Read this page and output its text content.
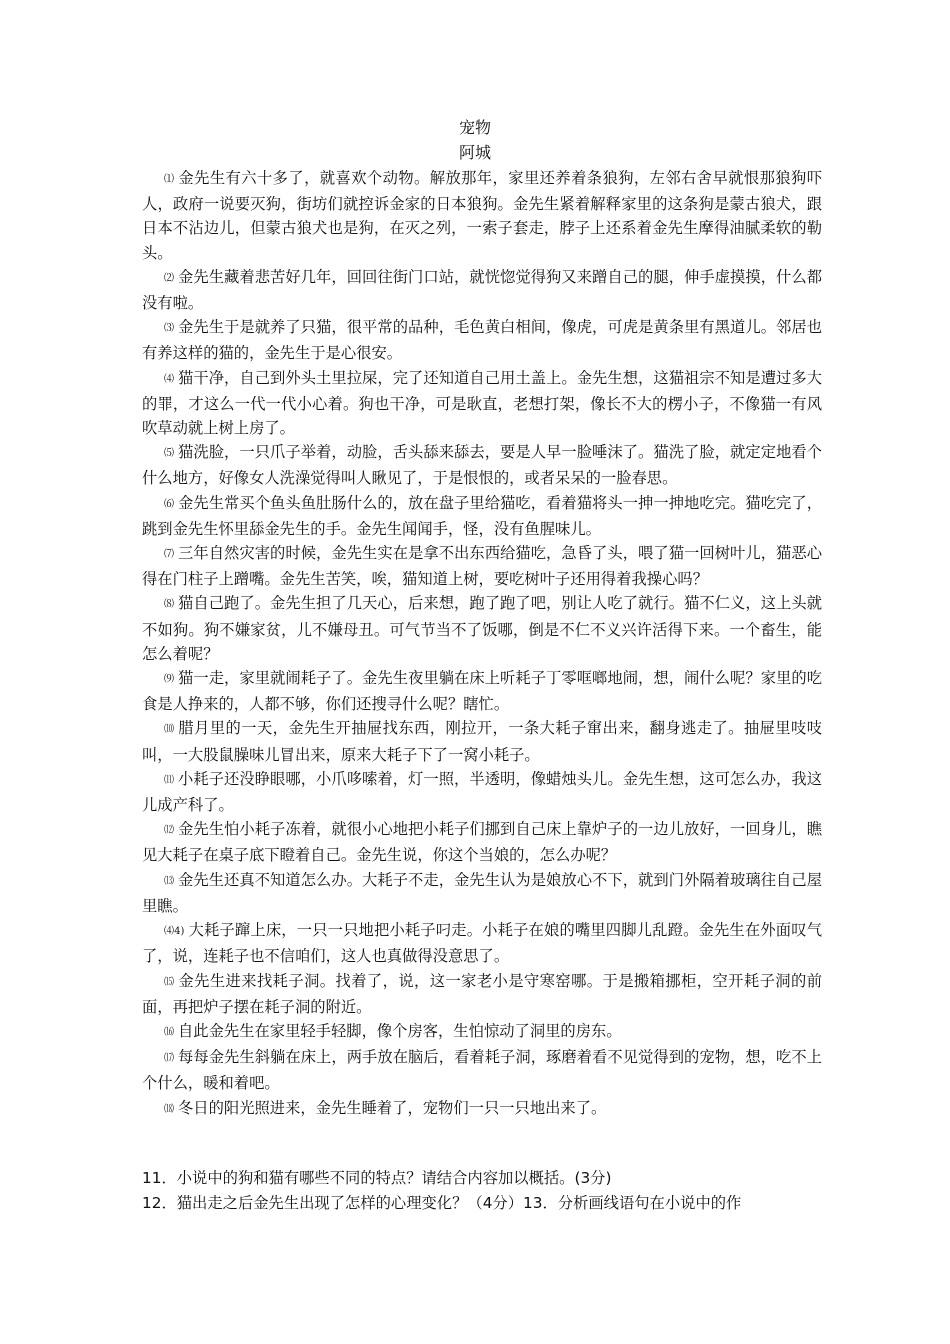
宠物
阿城

⑴ 金先生有六十多了，就喜欢个动物。解放那年，家里还养着条狼狗，左邻右舍早就恨那狼狗吓人，政府一说要灭狗，街坊们就控诉金家的日本狼狗。金先生紧着解释家里的这条狗是蒙古狼犬，跟日本不沾边儿，但蒙古狼犬也是狗，在灭之列，一索子套走，脖子上还系着金先生摩得油腻柔软的勒头。

⑵ 金先生藏着悲苦好几年，回回往街门口站，就恍惚觉得狗又来蹭自己的腿，伸手虚摸摸，什么都没有啦。

⑶ 金先生于是就养了只猫，很平常的品种，毛色黄白相间，像虎，可虎是黄条里有黑道儿。邻居也有养这样的猫的，金先生于是心很安。

⑷ 猫干净，自己到外头土里拉屎，完了还知道自己用土盖上。金先生想，这猫祖宗不知是遭过多大的罪，才这么一代一代小心着。狗也干净，可是耿直，老想打架，像长不大的楞小子，不像猫一有风吹草动就上树上房了。

⑸ 猫洗脸，一只爪子举着，动脸，舌头舔来舔去，要是人早一脸唾沫了。猫洗了脸，就定定地看个什么地方，好像女人洗澡觉得叫人瞅见了，于是恨恨的，或者呆呆的一脸春思。

⑹ 金先生常买个鱼头鱼肚肠什么的，放在盘子里给猫吃，看着猫将头一抻一抻地吃完。猫吃完了，跳到金先生怀里舔金先生的手。金先生闻闻手，怪，没有鱼腥味儿。

⑺ 三年自然灾害的时候，金先生实在是拿不出东西给猫吃，急昏了头，喂了猫一回树叶儿，猫恶心得在门柱子上蹭嘴。金先生苦笑，唉，猫知道上树，要吃树叶子还用得着我操心吗？

⑻ 猫自己跑了。金先生担了几天心，后来想，跑了跑了吧，别让人吃了就行。猫不仁义，这上头就不如狗。狗不嫌家贫，儿不嫌母丑。可气节当不了饭哪，倒是不仁不义兴许活得下来。一个畜生，能怎么着呢？

⑼ 猫一走，家里就闹耗子了。金先生夜里躺在床上听耗子丁零哐啷地闹，想，闹什么呢？家里的吃食是人挣来的，人都不够，你们还搜寻什么呢？瞎忙。

⑽ 腊月里的一天，金先生开抽屉找东西，刚拉开，一条大耗子窜出来，翻身逃走了。抽屉里吱吱叫，一大股鼠臊味儿冒出来，原来大耗子下了一窝小耗子。

⑾ 小耗子还没睁眼哪，小爪哆嗦着，灯一照，半透明，像蜡烛头儿。金先生想，这可怎么办，我这儿成产科了。

⑿ 金先生怕小耗子冻着，就很小心地把小耗子们挪到自己床上靠炉子的一边儿放好，一回身儿，瞧见大耗子在桌子底下瞪着自己。金先生说，你这个当娘的，怎么办呢？

⒀ 金先生还真不知道怎么办。大耗子不走，金先生认为是娘放心不下，就到门外隔着玻璃往自己屋里瞧。

⑷4) 大耗子蹿上床，一只一只地把小耗子叼走。小耗子在娘的嘴里四脚儿乱蹬。金先生在外面叹气了，说，连耗子也不信咱们，这人也真做得没意思了。

⒂ 金先生进来找耗子洞。找着了，说，这一家老小是守寒窑哪。于是搬箱挪柜，空开耗子洞的前面，再把炉子摆在耗子洞的附近。

⒃ 自此金先生在家里轻手轻脚，像个房客，生怕惊动了洞里的房东。

⒄ 每每金先生斜躺在床上，两手放在脑后，看着耗子洞，琢磨着看不见觉得到的宠物，想，吃不上个什么，暖和着吧。

⒅ 冬日的阳光照进来，金先生睡着了，宠物们一只一只地出来了。

11．小说中的狗和猫有哪些不同的特点？请结合内容加以概括。(3分)
12．猫出走之后金先生出现了怎样的心理变化？（4分）13．分析画线语句在小说中的作
